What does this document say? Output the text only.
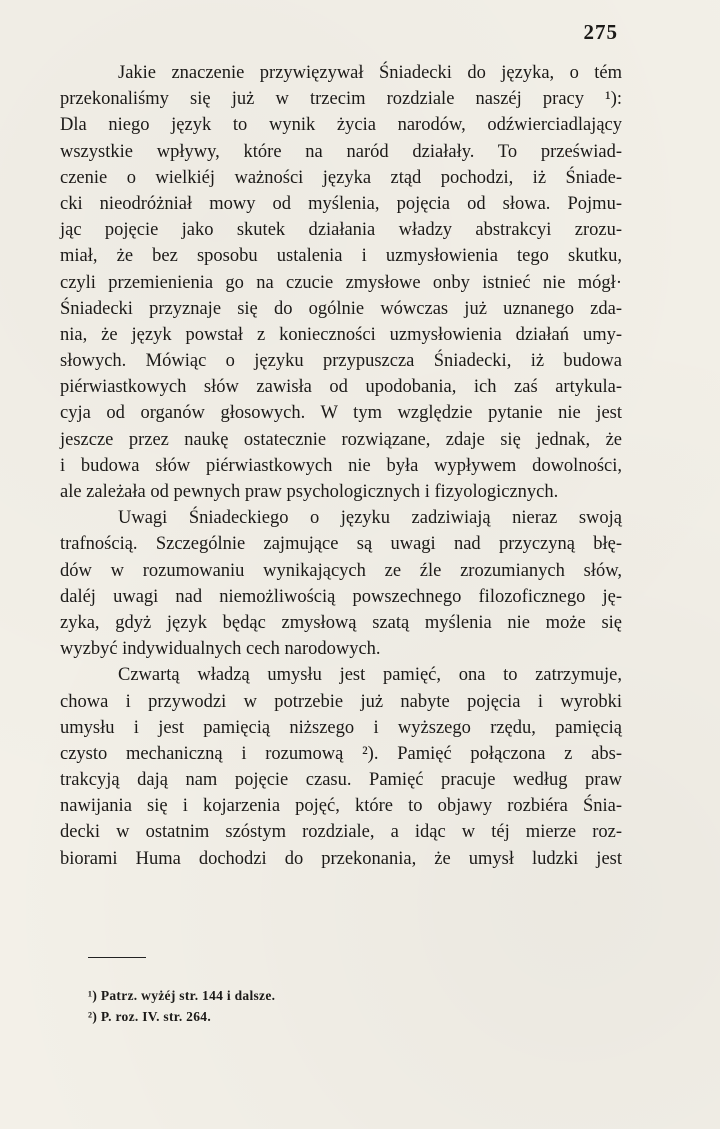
275
Jakie znaczenie przywięzywał Śniadecki do języka, o tém
przekonaliśmy się już w trzecim rozdziale naszéj pracy ¹):
Dla niego język to wynik życia narodów, odźwierciadlający
wszystkie wpływy, które na naród działały. To przeświad-
czenie o wielkiéj ważności języka ztąd pochodzi, iż Śniade-
cki nieodróżniał mowy od myślenia, pojęcia od słowa. Pojmu-
jąc pojęcie jako skutek działania władzy abstrakcyi zrozu-
miał, że bez sposobu ustalenia i uzmysłowienia tego skutku,
czyli przemienienia go na czucie zmysłowe onby istnieć nie mógł·
Śniadecki przyznaje się do ogólnie wówczas już uznanego zda-
nia, że język powstał z konieczności uzmysłowienia działań umy-
słowych. Mówiąc o języku przypuszcza Śniadecki, iż budowa
piérwiastkowych słów zawisła od upodobania, ich zaś artykula-
cyja od organów głosowych. W tym względzie pytanie nie jest
jeszcze przez naukę ostatecznie rozwiązane, zdaje się jednak, że
i budowa słów piérwiastkowych nie była wypływem dowolności,
ale zależała od pewnych praw psychologicznych i fizyologicznych.
Uwagi Śniadeckiego o języku zadziwiają nieraz swoją
trafnością. Szczególnie zajmujące są uwagi nad przyczyną błę-
dów w rozumowaniu wynikających ze źle zrozumianych słów,
daléj uwagi nad niemożliwością powszechnego filozoficznego ję-
zyka, gdyż język będąc zmysłową szatą myślenia nie może się
wyzbyć indywidualnych cech narodowych.
Czwartą władzą umysłu jest pamięć, ona to zatrzymuje,
chowa i przywodzi w potrzebie już nabyte pojęcia i wyrobki
umysłu i jest pamięcią niższego i wyższego rzędu, pamięcią
czysto mechaniczną i rozumową ²). Pamięć połączona z abs-
trakcyją dają nam pojęcie czasu. Pamięć pracuje według praw
nawijania się i kojarzenia pojęć, które to objawy rozbiéra Śnia-
decki w ostatnim szóstym rozdziale, a idąc w téj mierze roz-
biorami Huma dochodzi do przekonania, że umysł ludzki jest
¹) Patrz. wyżéj str. 144 i dalsze.
²) P. roz. IV. str. 264.
